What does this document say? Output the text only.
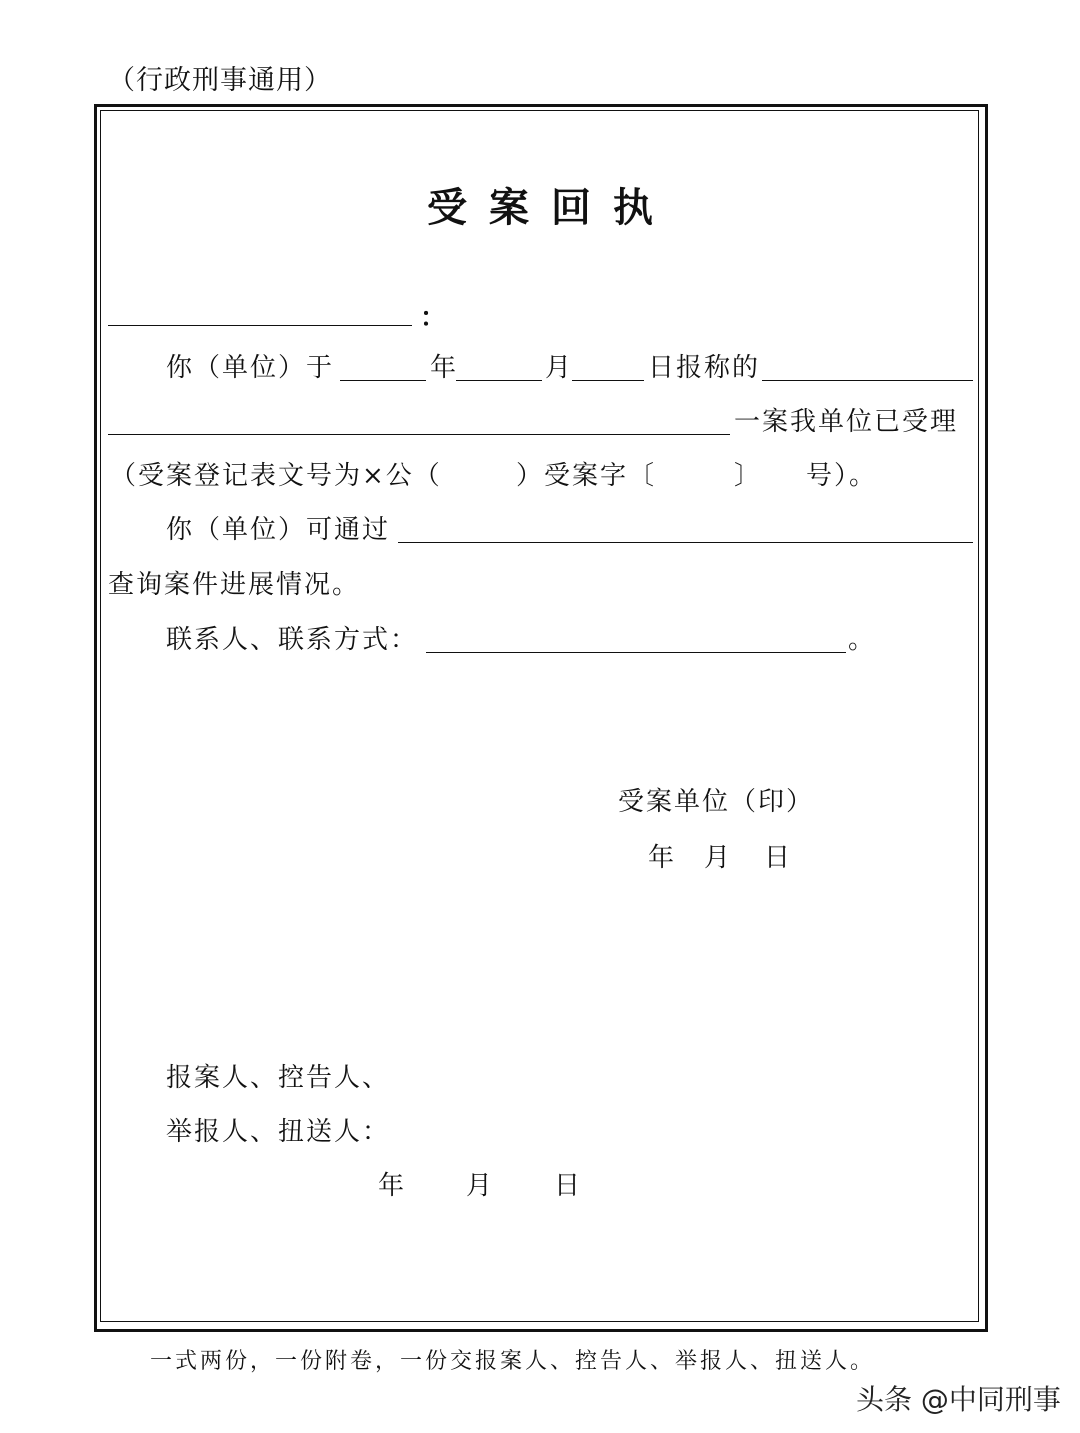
（行政刑事通用）
受案回执
：
你（单位）于	年	月	日报称的
一案我单位已受理
（受案登记表文号为×公（	）受案字〔	〕 号）。
你（单位）可通过
查询案件进展情况。
联系人、联系方式：	。
受案单位（印）
年 月 日
报案人、控告人、
举报人、扭送人：
年 月 日
一式两份，一份附卷，一份交报案人、控告人、举报人、扭送人。
头条 @中同刑事
